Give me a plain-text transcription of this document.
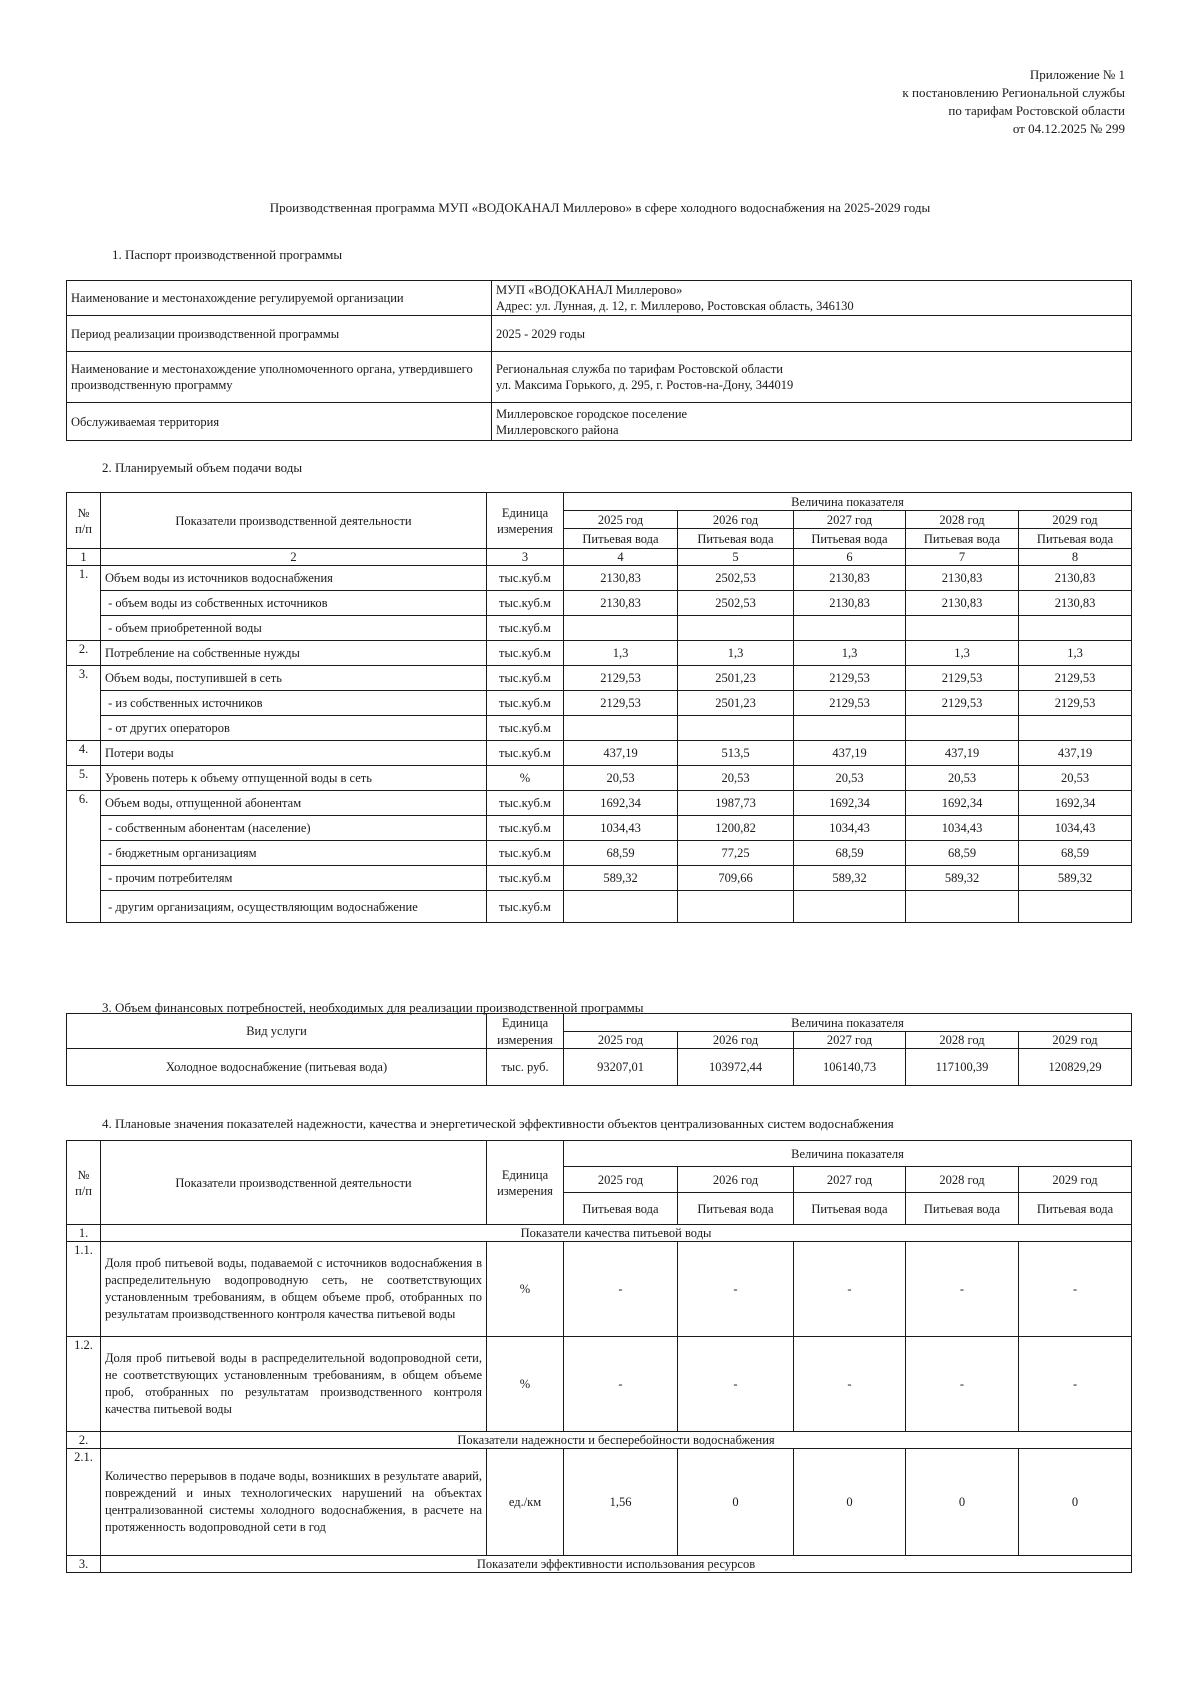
Приложение № 1
к постановлению Региональной службы
по тарифам Ростовской области
от 04.12.2025 № 299
Производственная программа МУП «ВОДОКАНАЛ Миллерово» в сфере холодного водоснабжения на 2025-2029 годы
1. Паспорт производственной программы
Наименование и местонахождение регулируемой организации	МУП «ВОДОКАНАЛ Миллерово»
Адрес: ул. Лунная, д. 12, г. Миллерово, Ростовская область, 346130

Период реализации производственной программы	2025 - 2029 годы

Наименование и местонахождение уполномоченного органа, утвердившего производственную программу	Региональная служба по тарифам Ростовской области
ул. Максима Горького, д. 295, г. Ростов-на-Дону, 344019

Обслуживаемая территория	Миллеровское городское поселение
Миллеровского района
2. Планируемый объем подачи воды
№ п/п	Показатели производственной деятельности	Единица измерения	Величина показателя				
			2025 год	2026 год	2027 год	2028 год	2029 год
			Питьевая вода	Питьевая вода	Питьевая вода	Питьевая вода	Питьевая вода
1	2	3	4	5	6	7	8
1.	Объем воды из источников водоснабжения	тыс.куб.м	2130,83	2502,53	2130,83	2130,83	2130,83
	- объем воды из собственных источников	тыс.куб.м	2130,83	2502,53	2130,83	2130,83	2130,83
	- объем приобретенной воды	тыс.куб.м					
2.	Потребление на собственные нужды	тыс.куб.м	1,3	1,3	1,3	1,3	1,3
3.	Объем воды, поступившей в сеть	тыс.куб.м	2129,53	2501,23	2129,53	2129,53	2129,53
	- из собственных источников	тыс.куб.м	2129,53	2501,23	2129,53	2129,53	2129,53
	- от других операторов	тыс.куб.м					
4.	Потери воды	тыс.куб.м	437,19	513,5	437,19	437,19	437,19
5.	Уровень потерь к объему отпущенной воды в сеть	%	20,53	20,53	20,53	20,53	20,53
6.	Объем воды, отпущенной абонентам	тыс.куб.м	1692,34	1987,73	1692,34	1692,34	1692,34
	- собственным абонентам (население)	тыс.куб.м	1034,43	1200,82	1034,43	1034,43	1034,43
	- бюджетным организациям	тыс.куб.м	68,59	77,25	68,59	68,59	68,59
	- прочим потребителям	тыс.куб.м	589,32	709,66	589,32	589,32	589,32
	- другим организациям, осуществляющим водоснабжение	тыс.куб.м					
3. Объем финансовых потребностей, необходимых для реализации производственной программы
Вид услуги	Единица	Величина показателя				
	измерения	2025 год	2026 год	2027 год	2028 год	2029 год
Холодное водоснабжение (питьевая вода)	тыс. руб.	93207,01	103972,44	106140,73	117100,39	120829,29
4. Плановые значения показателей надежности, качества и энергетической эффективности объектов централизованных систем водоснабжения
№ п/п	Показатели производственной деятельности	Единица измерения	Величина показателя				
			2025 год	2026 год	2027 год	2028 год	2029 год
			Питьевая вода	Питьевая вода	Питьевая вода	Питьевая вода	Питьевая вода
1.	Показатели качества питьевой воды						
1.1.	Доля проб питьевой воды, подаваемой с источников водоснабжения в распределительную водопроводную сеть, не соответствующих установленным требованиям, в общем объеме проб, отобранных по результатам производственного контроля качества питьевой воды	%	-	-	-	-	-
1.2.	Доля проб питьевой воды в распределительной водопроводной сети, не соответствующих установленным требованиям, в общем объеме проб, отобранных по результатам производственного контроля качества питьевой воды	%	-	-	-	-	-
2.	Показатели надежности и бесперебойности водоснабжения						
2.1.	Количество перерывов в подаче воды, возникших в результате аварий, повреждений и иных технологических нарушений на объектах централизованной системы холодного водоснабжения, в расчете на протяженность водопроводной сети в год	ед./км	1,56	0	0	0	0
3.	Показатели эффективности использования ресурсов						
